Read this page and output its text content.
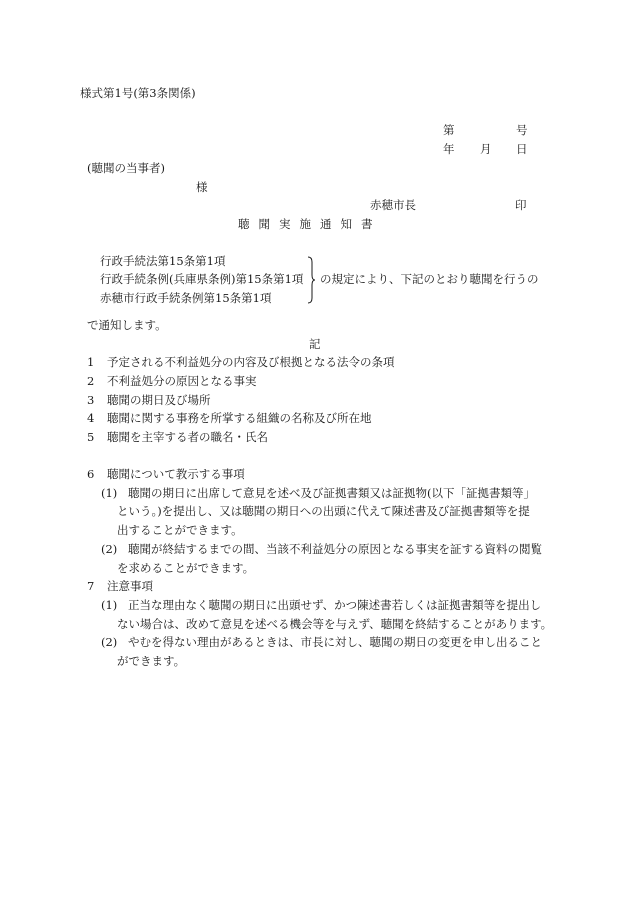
様式第1号(第3条関係)
第	号
年 月 日
(聴聞の当事者)
様
赤穂市長	印
聴聞実施通知書
行政手続法第15条第1項
行政手続条例(兵庫県条例)第15条第1項
赤穂市行政手続条例第15条第1項
の規定により、下記のとおり聴聞を行うの
で通知します。
記
1 予定される不利益処分の内容及び根拠となる法令の条項
2 不利益処分の原因となる事実
3 聴聞の期日及び場所
4 聴聞に関する事務を所掌する組織の名称及び所在地
5 聴聞を主宰する者の職名・氏名
6 聴聞について教示する事項
(1) 聴聞の期日に出席して意見を述べ及び証拠書類又は証拠物(以下「証拠書類等」
という。)を提出し、又は聴聞の期日への出頭に代えて陳述書及び証拠書類等を提
出することができます。
(2) 聴聞が終結するまでの間、当該不利益処分の原因となる事実を証する資料の閲覧
を求めることができます。
7 注意事項
(1) 正当な理由なく聴聞の期日に出頭せず、かつ陳述書若しくは証拠書類等を提出し
ない場合は、改めて意見を述べる機会等を与えず、聴聞を終結することがあります。
(2) やむを得ない理由があるときは、市長に対し、聴聞の期日の変更を申し出ること
ができます。
